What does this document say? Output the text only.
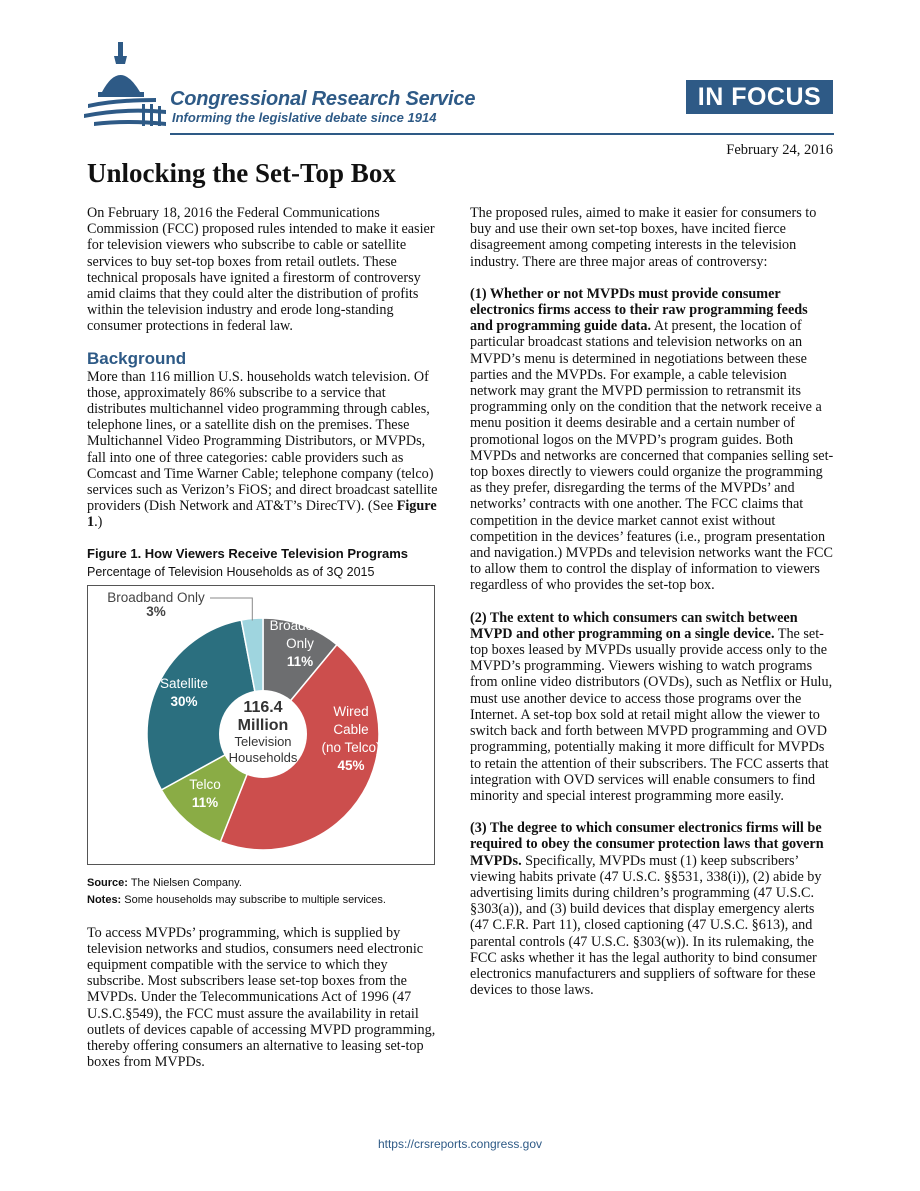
Congressional Research Service
Informing the legislative debate since 1914
IN FOCUS
February 24, 2016
Unlocking the Set-Top Box

On February 18, 2016 the Federal Communications Commission (FCC) proposed rules intended to make it easier for television viewers who subscribe to cable or satellite services to buy set-top boxes from retail outlets. These technical proposals have ignited a firestorm of controversy amid claims that they could alter the distribution of profits within the television industry and erode long-standing consumer protections in federal law.

Background

More than 116 million U.S. households watch television. Of those, approximately 86% subscribe to a service that distributes multichannel video programming through cables, telephone lines, or a satellite dish on the premises. These Multichannel Video Programming Distributors, or MVPDs, fall into one of three categories: cable providers such as Comcast and Time Warner Cable; telephone company (telco) services such as Verizon’s FiOS; and direct broadcast satellite providers (Dish Network and AT&T’s DirecTV). (See Figure 1.)

Figure 1. How Viewers Receive Television Programs
Percentage of Television Households as of 3Q 2015
Broadcast
Only
11%
Wired
Cable
(no Telco)
45%
Telco
11%
Satellite
30%
Broadband Only
3%
116.4
Million
Television
Households
Source: The Nielsen Company.
Notes: Some households may subscribe to multiple services.

To access MVPDs’ programming, which is supplied by television networks and studios, consumers need electronic equipment compatible with the service to which they subscribe. Most subscribers lease set-top boxes from the MVPDs. Under the Telecommunications Act of 1996 (47 U.S.C.§549), the FCC must assure the availability in retail outlets of devices capable of accessing MVPD programming, thereby offering consumers an alternative to leasing set-top boxes from MVPDs.

The proposed rules, aimed to make it easier for consumers to buy and use their own set-top boxes, have incited fierce disagreement among competing interests in the television industry. There are three major areas of controversy:

(1) Whether or not MVPDs must provide consumer electronics firms access to their raw programming feeds and programming guide data. At present, the location of particular broadcast stations and television networks on an MVPD’s menu is determined in negotiations between these parties and the MVPDs. For example, a cable television network may grant the MVPD permission to retransmit its programming only on the condition that the network receive a menu position it deems desirable and a certain number of promotional logos on the MVPD’s program guides. Both MVPDs and networks are concerned that companies selling set-top boxes directly to viewers could organize the programming as they prefer, disregarding the terms of the MVPDs’ and networks’ contracts with one another. The FCC claims that competition in the device market cannot exist without competition in the devices’ features (i.e., program presentation and navigation.) MVPDs and television networks want the FCC to allow them to control the display of information to viewers regardless of who provides the set-top box.

(2) The extent to which consumers can switch between MVPD and other programming on a single device. The set-top boxes leased by MVPDs usually provide access only to the MVPD’s programming. Viewers wishing to watch programs from online video distributors (OVDs), such as Netflix or Hulu, must use another device to access those programs over the Internet. A set-top box sold at retail might allow the viewer to switch back and forth between MVPD programming and OVD programming, potentially making it more difficult for MVPDs to retain the attention of their subscribers. The FCC asserts that integration with OVD services will enable consumers to find minority and special interest programming more easily.

(3) The degree to which consumer electronics firms will be required to obey the consumer protection laws that govern MVPDs. Specifically, MVPDs must (1) keep subscribers’ viewing habits private (47 U.S.C. §§531, 338(i)), (2) abide by advertising limits during children’s programming (47 U.S.C. §303(a)), and (3) build devices that display emergency alerts (47 C.F.R. Part 11), closed captioning (47 U.S.C. §613), and parental controls (47 U.S.C. §303(w)). In its rulemaking, the FCC asks whether it has the legal authority to bind consumer electronics manufacturers and suppliers of software for these devices to those laws.

https://crsreports.congress.gov
